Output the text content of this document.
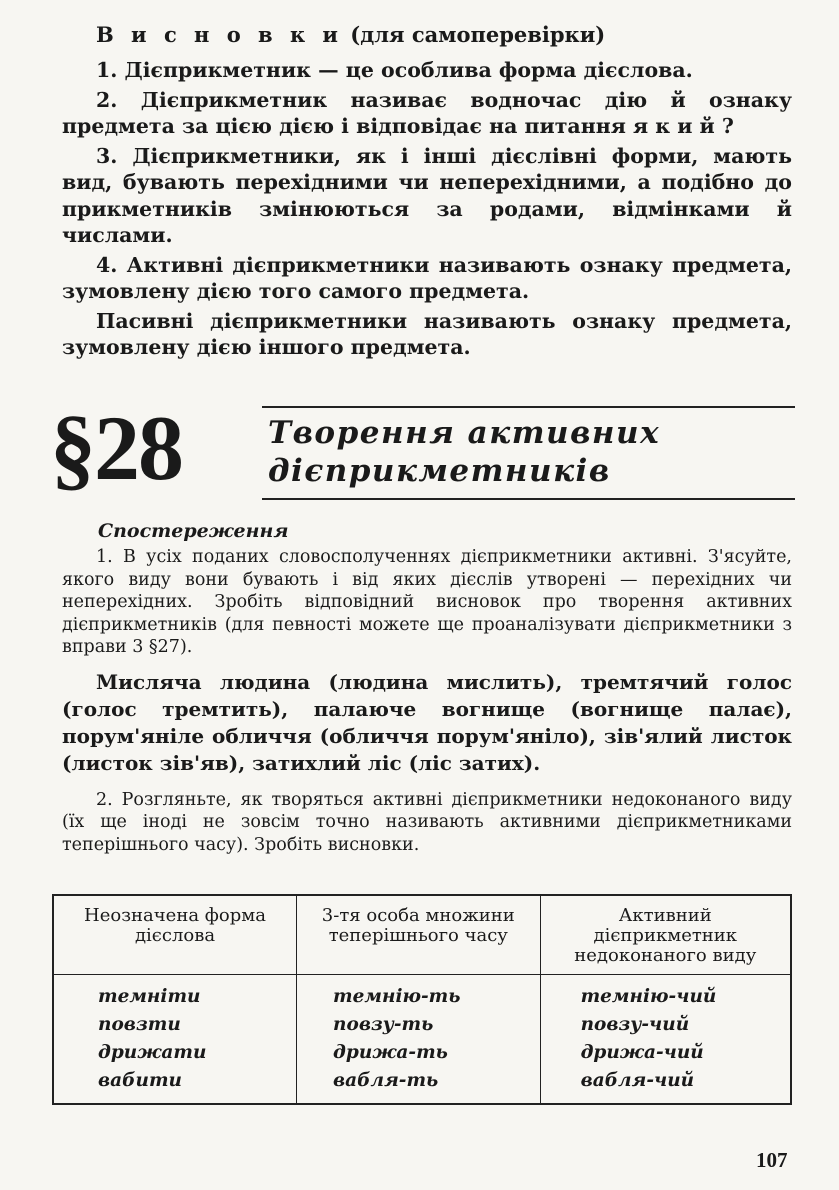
В и с н о в к и (для самоперевірки)

1. Дієприкметник — це особлива форма дієслова.

2. Дієприкметник називає водночас дію й ознаку предмета за цією дією і відповідає на питання я к и й ?

3. Дієприкметники, як і інші дієслівні форми, мають вид, бувають перехідними чи неперехідними, а подібно до прикметників змінюються за родами, відмінками й числами.

4. Активні дієприкметники називають ознаку предмета, зумовлену дією того самого предмета.

Пасивні дієприкметники називають ознаку предмета, зумовлену дією іншого предмета.

§28	Творення активних
дієприкметників
Спостереження

1. В усіх поданих словосполученнях дієприкметники активні. З'ясуйте, якого виду вони бувають і від яких дієслів утворені — перехідних чи неперехідних. Зробіть відповідний висновок про творення активних дієприкметників (для певності можете ще проаналізувати дієприкметники з вправи 3 §27).

Мисляча людина (людина мислить), тремтячий голос (голос тремтить), палаюче вогнище (вогнище палає), порум'яніле обличчя (обличчя порум'яніло), зів'ялий листок (листок зів'яв), затихлий ліс (ліс затих).

2. Розгляньте, як творяться активні дієприкметники недоконаного виду (їх ще іноді не зовсім точно називають активними дієприкметниками теперішнього часу). Зробіть висновки.

Неозначена форма дієслова	3-тя особа множини теперішнього часу	Активний дієприкметник недоконаного виду
темніти	темнію-ть	темнію-чий
повзти	повзу-ть	повзу-чий
дрижати	дрижа-ть	дрижа-чий
вабити	вабля-ть	вабля-чий
107
